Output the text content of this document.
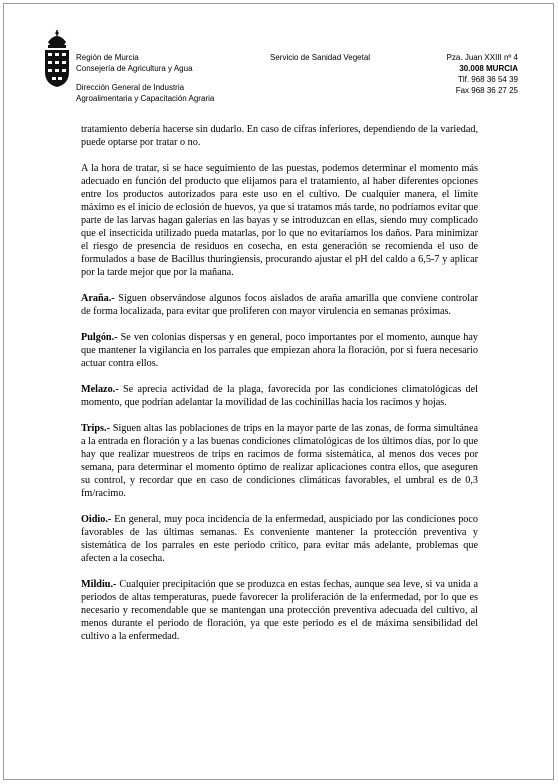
Región de Murcia
Consejería de Agricultura y Agua
Dirección General de Industria
Agroalimentaria y Capacitación Agraria
Servicio de Sanidad Vegetal	Pza. Juan XXIII nº 4
30.008 MURCIA
Tlf. 968 36 54 39
Fax 968 36 27 25

tratamiento debería hacerse sin dudarlo. En caso de cifras inferiores, dependiendo de la variedad, puede optarse por tratar o no.

A la hora de tratar, si se hace seguimiento de las puestas, podemos determinar el momento más adecuado en función del producto que elijamos para el tratamiento, al haber diferentes opciones entre los productos autorizados para este uso en el cultivo. De cualquier manera, el límite máximo es el inicio de eclosión de huevos, ya que si tratamos más tarde, no podríamos evitar que parte de las larvas hagan galerías en las bayas y se introduzcan en ellas, siendo muy complicado que el insecticida utilizado pueda matarlas, por lo que no evitaríamos los daños. Para minimizar el riesgo de presencia de residuos en cosecha, en esta generación se recomienda el uso de formulados a base de Bacillus thuringiensis, procurando ajustar el pH del caldo a 6,5-7 y aplicar por la tarde mejor que por la mañana.

Araña.- Siguen observándose algunos focos aislados de araña amarilla que conviene controlar de forma localizada, para evitar que proliferen con mayor virulencia en semanas próximas.

Pulgón.- Se ven colonias dispersas y en general, poco importantes por el momento, aunque hay que mantener la vigilancia en los parrales que empiezan ahora la floración, por si fuera necesario actuar contra ellos.

Melazo.- Se aprecia actividad de la plaga, favorecida por las condiciones climatológicas del momento, que podrían adelantar la movilidad de las cochinillas hacia los racimos y hojas.

Trips.- Siguen altas las poblaciones de trips en la mayor parte de las zonas, de forma simultánea a la entrada en floración y a las buenas condiciones climatológicas de los últimos días, por lo que hay que realizar muestreos de trips en racimos de forma sistemática, al menos dos veces por semana, para determinar el momento óptimo de realizar aplicaciones contra ellos, que aseguren su control, y recordar que en caso de condiciones climáticas favorables, el umbral es de 0,3 fm/racimo.

Oidio.- En general, muy poca incidencia de la enfermedad, auspiciado por las condiciones poco favorables de las últimas semanas. Es conveniente mantener la protección preventiva y sistemática de los parrales en este periodo crítico, para evitar más adelante, problemas que afecten a la cosecha.

Mildiu.- Cualquier precipitación que se produzca en estas fechas, aunque sea leve, si va unida a periodos de altas temperaturas, puede favorecer la proliferación de la enfermedad, por lo que es necesario y recomendable que se mantengan una protección preventiva adecuada del cultivo, al menos durante el periodo de floración, ya que este periodo es el de máxima sensibilidad del cultivo a la enfermedad.
